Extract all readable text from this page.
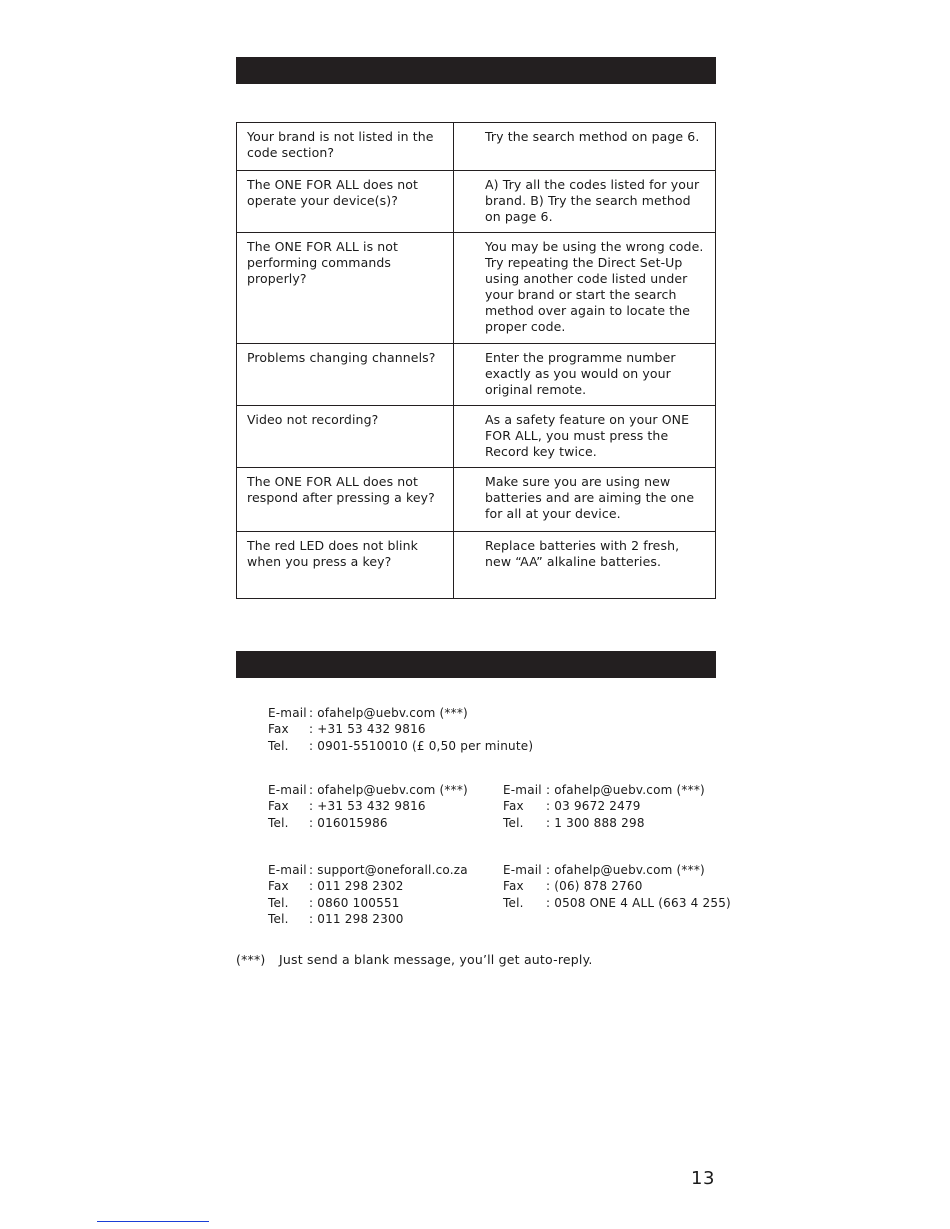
Your brand is not listed in the code section?	Try the search method on page 6.
The ONE FOR ALL does not operate your device(s)?	A) Try all the codes listed for your brand. B) Try the search method on page 6.
The ONE FOR ALL is not performing commands properly?	You may be using the wrong code. Try repeating the Direct Set-Up using another code listed under your brand or start the search method over again to locate the proper code.
Problems changing channels?	Enter the programme number exactly as you would on your original remote.
Video not recording?	As a safety feature on your ONE FOR ALL, you must press the Record key twice.
The ONE FOR ALL does not respond after pressing a key?	Make sure you are using new batteries and are aiming the one for all at your device.
The red LED does not blink when you press a key?	Replace batteries with 2 fresh, new “AA” alkaline batteries.
E-mail : ofahelp@uebv.com (***)
Fax : +31 53 432 9816
Tel. : 0901-5510010 (£ 0,50 per minute)
E-mail : ofahelp@uebv.com (***)
Fax : +31 53 432 9816
Tel. : 016015986
E-mail : ofahelp@uebv.com (***)
Fax : 03 9672 2479
Tel. : 1 300 888 298
E-mail : support@oneforall.co.za
Fax : 011 298 2302
Tel. : 0860 100551
Tel. : 011 298 2300
E-mail : ofahelp@uebv.com (***)
Fax : (06) 878 2760
Tel. : 0508 ONE 4 ALL (663 4 255)
(***) Just send a blank message, you’ll get auto-reply.
13
